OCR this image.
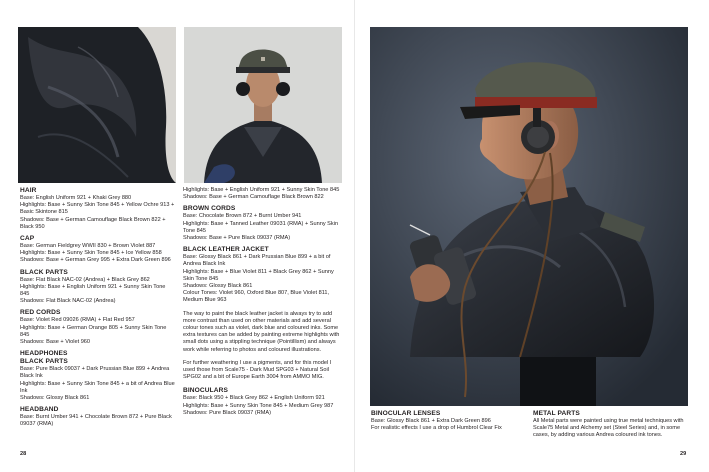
HAIR

Base: English Uniform 921 + Khaki Grey 880

Highlights: Base + Sunny Skin Tone 845 + Yellow Ochre 913 + Basic Skintone 815

Shadows: Base + German Camouflage Black Brown 822 + Black 950

CAP

Base: German Fieldgrey WWII 830 + Brown Violet 887

Highlights: Base + Sunny Skin Tone 845 + Ice Yellow 858

Shadows: Base + German Grey 995 + Extra Dark Green 896

BLACK PARTS

Base: Flat Black NAC-02 (Andrea) + Black Grey 862

Highlights: Base + English Uniform 921 + Sunny Skin Tone 845

Shadows: Flat Black NAC-02 (Andrea)

RED CORDS

Base: Violet Red 09026 (RMA) + Flat Red 957

Highlights: Base + German Orange 805 + Sunny Skin Tone 845

Shadows: Base + Violet 960

HEADPHONES

BLACK PARTS

Base: Pure Black 09037 + Dark Prussian Blue 899 + Andrea Black Ink

Highlights: Base + Sunny Skin Tone 845 + a bit of Andrea Blue Ink

Shadows: Glossy Black 861

HEADBAND

Base: Burnt Umber 941 + Chocolate Brown 872 + Pure Black 09037 (RMA)

Highlights: Base + English Uniform 921 + Sunny Skin Tone 845

Shadows: Base + German Camouflage Black Brown 822

BROWN CORDS

Base: Chocolate Brown 872 + Burnt Umber 941

Highlights: Base + Tanned Leather 09031 (RMA) + Sunny Skin Tone 845

Shadows: Base + Pure Black 09037 (RMA)

BLACK LEATHER JACKET

Base: Glossy Black 861 + Dark Prussian Blue 899 + a bit of Andrea Black Ink

Highlights: Base + Blue Violet 811 + Black Grey 862 + Sunny Skin Tone 845

Shadows: Glossy Black 861

Colour Tones: Violet 960, Oxford Blue 807, Blue Violet 811, Medium Blue 963

The way to paint the black leather jacket is always try to add more contrast than used on other materials and add several colour tones such as violet, dark blue and coloured inks. Some extra textures can be added by painting extreme highlights with small dots using a stippling technique (Pointillism) and always work while referring to photos and coloured illustrations.

For further weathering I use a pigments, and for this model I used those from Scale75 - Dark Mud SPG03 + Natural Soil SPG02 and a bit of Europe Earth 3004 from AMMO MIG.

BINOCULARS

Base: Black 950 + Black Grey 862 + English Uniform 921

Highlights: Base + Sunny Skin Tone 845 + Medium Grey 987

Shadows: Pure Black 09037 (RMA)

28

BINOCULAR LENSES

Base: Glossy Black 861 + Extra Dark Green 896

For realistic effects I use a drop of Humbrol Clear Fix

METAL PARTS

All Metal parts were painted using true metal techniques with Scale75 Metal and Alchemy set (Steel Series) and, in some cases, by adding various Andrea coloured ink tones.

29
